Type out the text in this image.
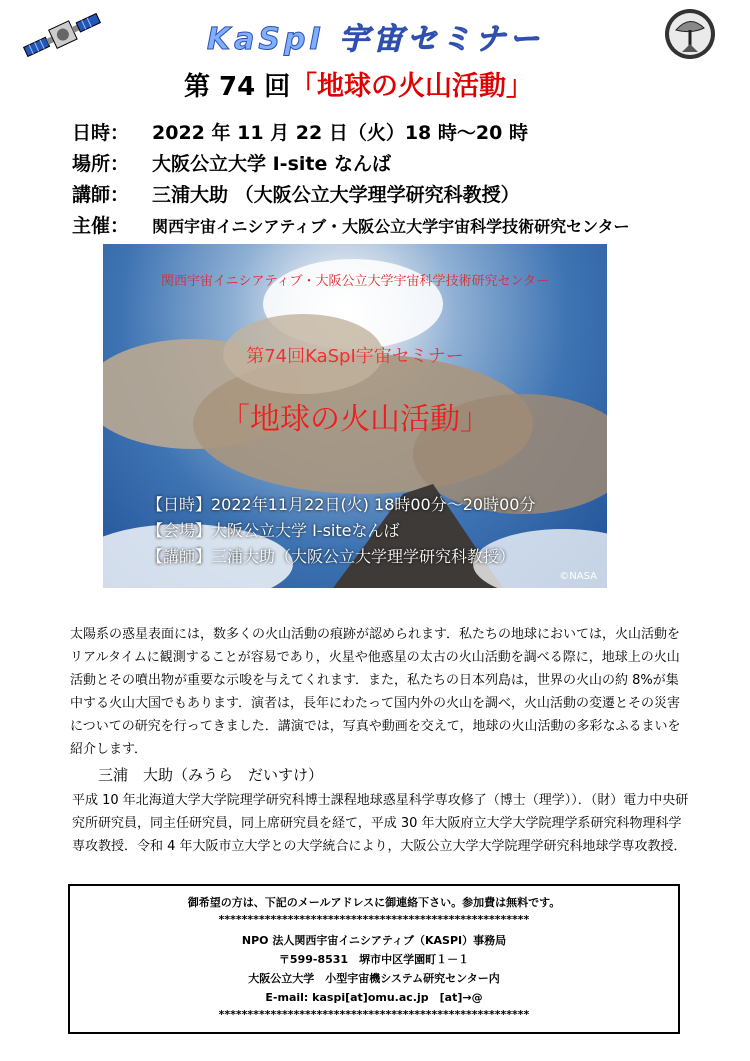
KaSpI 宇宙セミナー
第 74 回 「地球の火山活動」
日時： 2022 年 11 月 22 日（火）18 時〜20 時
場所： 大阪公立大学 I-site なんば
講師： 三浦大助 （大阪公立大学理学研究科教授）
主催： 関西宇宙イニシアティブ・大阪公立大学宇宙科学技術研究センター
関西宇宙イニシアティブ・大阪公立大学宇宙科学技術研究センター
第74回KaSpI宇宙セミナー
「地球の火山活動」
【日時】2022年11月22日(火) 18時00分〜20時00分
【会場】大阪公立大学 I-siteなんば
【講師】三浦大助（大阪公立大学理学研究科教授）
©NASA
太陽系の惑星表面には，数多くの火山活動の痕跡が認められます．私たちの地球においては，火山活動をリアルタイムに観測することが容易であり，火星や他惑星の太古の火山活動を調べる際に，地球上の火山活動とその噴出物が重要な示唆を与えてくれます．また，私たちの日本列島は，世界の火山の約 8%が集中する火山大国でもあります．演者は，長年にわたって国内外の火山を調べ，火山活動の変遷とその災害についての研究を行ってきました．講演では，写真や動画を交えて，地球の火山活動の多彩なふるまいを紹介します．
三浦　大助（みうら　だいすけ）
平成 10 年北海道大学大学院理学研究科博士課程地球惑星科学専攻修了（博士（理学））．（財）電力中央研究所研究員，同主任研究員，同上席研究員を経て，平成 30 年大阪府立大学大学院理学系研究科物理科学専攻教授．令和 4 年大阪市立大学との大学統合により，大阪公立大学大学院理学研究科地球学専攻教授．
御希望の方は、下記のメールアドレスに御連絡下さい。参加費は無料です。
******************************************************
NPO 法人関西宇宙イニシアティブ（KASPI）事務局
〒599-8531　堺市中区学園町１－１
大阪公立大学　小型宇宙機システム研究センター内
E-mail: kaspi[at]omu.ac.jp　[at]→@
******************************************************
